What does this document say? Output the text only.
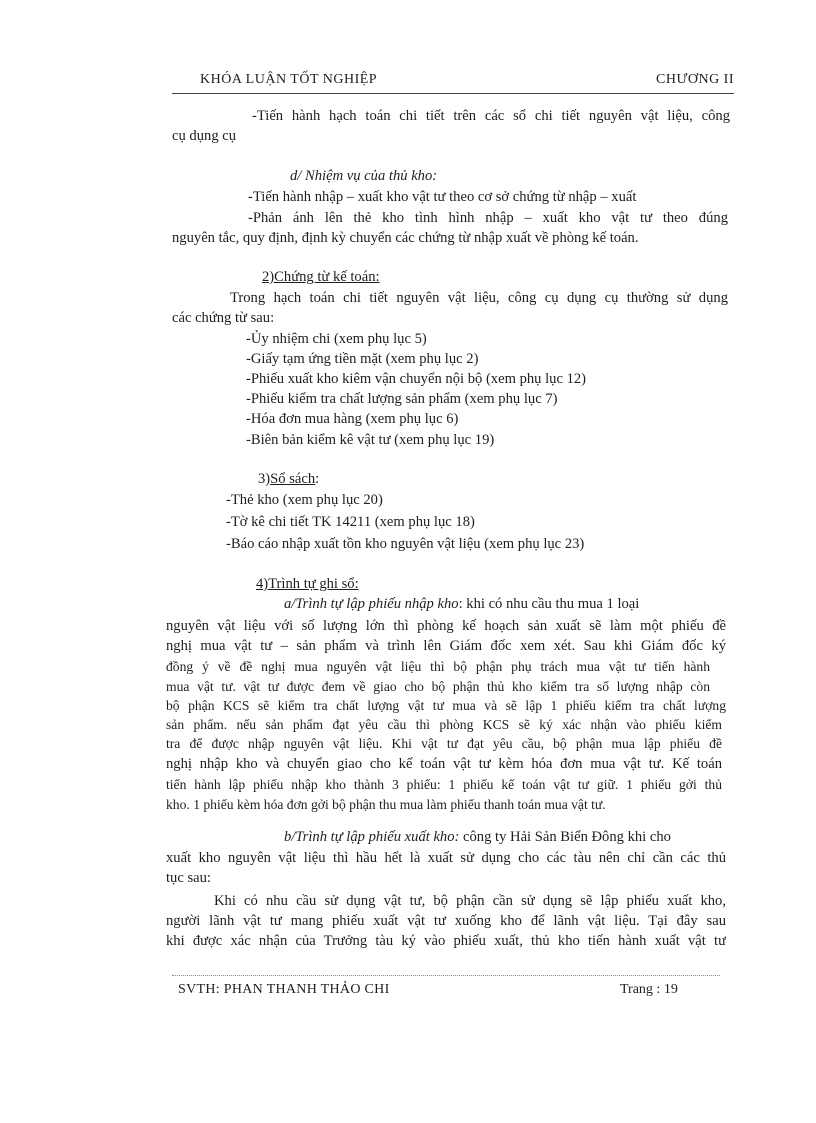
KHÓA LUẬN TỐT NGHIỆP	CHƯƠNG II
-Tiến hành hạch toán chi tiết trên các sổ chi tiết nguyên vật liệu, công
cụ dụng cụ
d/ Nhiệm vụ của thủ kho:
-Tiến hành nhập – xuất kho vật tư theo cơ sở chứng từ nhập – xuất
-Phản ánh lên thẻ kho tình hình nhập – xuất kho vật tư theo đúng
nguyên tắc, quy định, định kỳ chuyển các chứng từ nhập xuất về phòng kế toán.
2)Chứng từ kế toán:
Trong hạch toán chi tiết nguyên vật liệu, công cụ dụng cụ thường sử dụng
các chứng từ sau:
-Ủy nhiệm chi (xem phụ lục 5)
-Giấy tạm ứng tiền mặt (xem phụ lục 2)
-Phiếu xuất kho kiêm vận chuyển nội bộ (xem phụ lục 12)
-Phiếu kiểm tra chất lượng sản phẩm (xem phụ lục 7)
-Hóa đơn mua hàng (xem phụ lục 6)
-Biên bản kiểm kê vật tư (xem phụ lục 19)
3)Sổ sách:
-Thẻ kho (xem phụ lục 20)
-Tờ kê chi tiết TK 14211 (xem phụ lục 18)
-Báo cáo nhập xuất tồn kho nguyên vật liệu (xem phụ lục 23)
4)Trình tự ghi sổ:
a/Trình tự lập phiếu nhập kho: khi có nhu cầu thu mua 1 loại
nguyên vật liệu với số lượng lớn thì phòng kế hoạch sản xuất sẽ làm một phiếu đề
nghị mua vật tư – sản phẩm và trình lên Giám đốc xem xét. Sau khi Giám đốc ký
đồng ý về đề nghị mua nguyên vật liệu thì bộ phận phụ trách mua vật tư tiến hành
mua vật tư. vật tư được đem về giao cho bộ phận thủ kho kiểm tra số lượng nhập còn
bộ phận KCS sẽ kiểm tra chất lượng vật tư mua và sẽ lập 1 phiếu kiểm tra chất lượng
sản phẩm. nếu sản phẩm đạt yêu cầu thì phòng KCS sẽ ký xác nhận vào phiếu kiểm
tra để được nhập nguyên vật liệu. Khi vật tư đạt yêu cầu, bộ phận mua lập phiếu đề
nghị nhập kho và chuyển giao cho kế toán vật tư kèm hóa đơn mua vật tư. Kế toán
tiến hành lập phiếu nhập kho thành 3 phiếu: 1 phiếu kế toán vật tư giữ. 1 phiếu gởi thủ
kho. 1 phiếu kèm hóa đơn gởi bộ phận thu mua làm phiếu thanh toán mua vật tư.
b/Trình tự lập phiếu xuất kho: công ty Hải Sản Biển Đông khi cho
xuất kho nguyên vật liệu thì hầu hết là xuất sử dụng cho các tàu nên chỉ cần các thủ
tục sau:
Khi có nhu cầu sử dụng vật tư, bộ phận cần sử dụng sẽ lập phiếu xuất kho,
người lãnh vật tư mang phiếu xuất vật tư xuống kho để lãnh vật liệu. Tại đây sau
khi được xác nhận của Trưởng tàu ký vào phiếu xuất, thủ kho tiến hành xuất vật tư
SVTH: PHAN THANH THẢO CHI	Trang : 19
